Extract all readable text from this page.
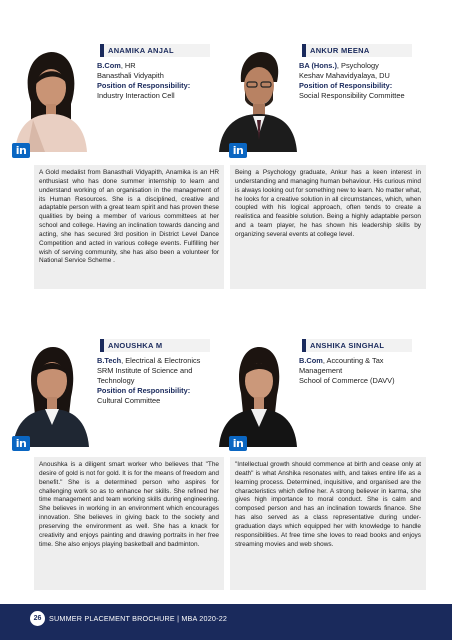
ANAMIKA ANJAL
B.Com, HR
Banasthali Vidyapith
Position of Responsibility:
Industry Interaction Cell
in
A Gold medalist from Banasthali Vidyapith, Anamika is an HR enthusiast who has done summer internship to learn and understand working of an organisation in the management of its Human Resources. She is a disciplined, creative and adaptable person with a great team spirit and has proven these qualities by being a member of various committees at her school and college. Having an inclination towards dancing and acting, she has secured 3rd position in District Level Dance Competition and acted in various college events. Fulfilling her wish of serving community, she has also been a volunteer for National Service Scheme .
ANKUR MEENA
BA (Hons.), Psychology
Keshav Mahavidyalaya, DU
Position of Responsibility:
Social Responsibility Committee
in
Being a Psychology graduate, Ankur has a keen interest in understanding and managing human behaviour. His curious mind is always looking out for something new to learn. No matter what, he looks for a creative solution in all circumstances, which, when coupled with his logical approach, often tends to create a realistica and feasible solution. Being a highly adaptable person and a team player, he has shown his leadership skills by organizing several events at college level.
ANOUSHKA M
B.Tech, Electrical & Electronics
SRM Institute of Science and Technology
Position of Responsibility:
Cultural Committee
in
Anoushka is a diligent smart worker who believes that "The desire of gold is not for gold. It is for the means of freedom and benefit." She is a determined person who aspires for challenging work so as to enhance her skills. She refined her time management and team working skills during engineering. She believes in working in an environment which encourages innovation. She believes in giving back to the society and preserving the environment as well. She has a knack for creativity and enjoys painting and drawing portraits in her free time. She also enjoys playing basketball and badminton.
ANSHIKA SINGHAL
B.Com, Accounting & Tax Management
School of Commerce (DAVV)
in
"Intellectual growth should commence at birth and cease only at death" is what Anshika resonates with, and takes entire life as a learning process. Determined, inquisitive, and organised are the characteristics which define her. A strong believer in karma, she gives high importance to moral conduct. She is calm and composed person and has an inclination towards finance. She has also served as a class representative during under-graduation days which equipped her with knowledge to handle responsibilities. At free time she loves to read books and enjoys streaming movies and web shows.
26	SUMMER PLACEMENT BROCHURE | MBA 2020-22
